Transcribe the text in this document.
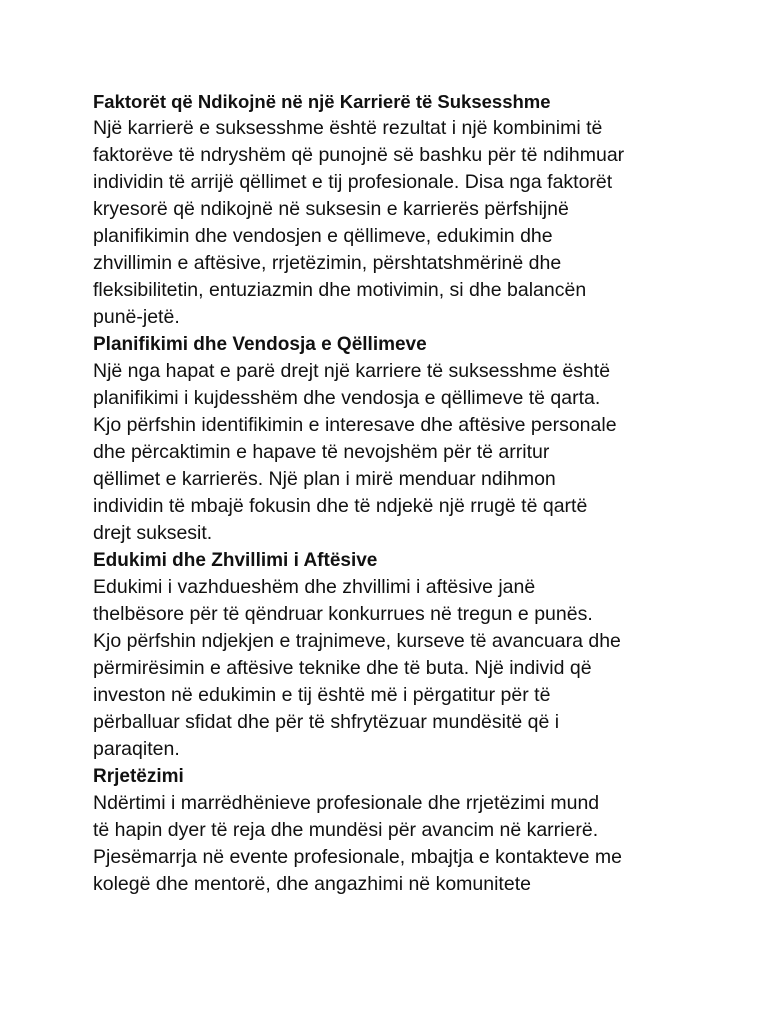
Faktorët që Ndikojnë në një Karrierë të Suksesshme

Një karrierë e suksesshme është rezultat i një kombinimi të
faktorëve të ndryshëm që punojnë së bashku për të ndihmuar
individin të arrijë qëllimet e tij profesionale. Disa nga faktorët
kryesorë që ndikojnë në suksesin e karrierës përfshijnë
planifikimin dhe vendosjen e qëllimeve, edukimin dhe
zhvillimin e aftësive, rrjetëzimin, përshtatshmërinë dhe
fleksibilitetin, entuziazmin dhe motivimin, si dhe balancën
punë-jetë.

Planifikimi dhe Vendosja e Qëllimeve

Një nga hapat e parë drejt një karriere të suksesshme është
planifikimi i kujdesshëm dhe vendosja e qëllimeve të qarta.
Kjo përfshin identifikimin e interesave dhe aftësive personale
dhe përcaktimin e hapave të nevojshëm për të arritur
qëllimet e karrierës. Një plan i mirë menduar ndihmon
individin të mbajë fokusin dhe të ndjekë një rrugë të qartë
drejt suksesit.

Edukimi dhe Zhvillimi i Aftësive

Edukimi i vazhdueshëm dhe zhvillimi i aftësive janë
thelbësore për të qëndruar konkurrues në tregun e punës.
Kjo përfshin ndjekjen e trajnimeve, kurseve të avancuara dhe
përmirësimin e aftësive teknike dhe të buta. Një individ që
investon në edukimin e tij është më i përgatitur për të
përballuar sfidat dhe për të shfrytëzuar mundësitë që i
paraqiten.

Rrjetëzimi

Ndërtimi i marrëdhënieve profesionale dhe rrjetëzimi mund
të hapin dyer të reja dhe mundësi për avancim në karrierë.
Pjesëmarrja në evente profesionale, mbajtja e kontakteve me
kolegë dhe mentorë, dhe angazhimi në komunitete
